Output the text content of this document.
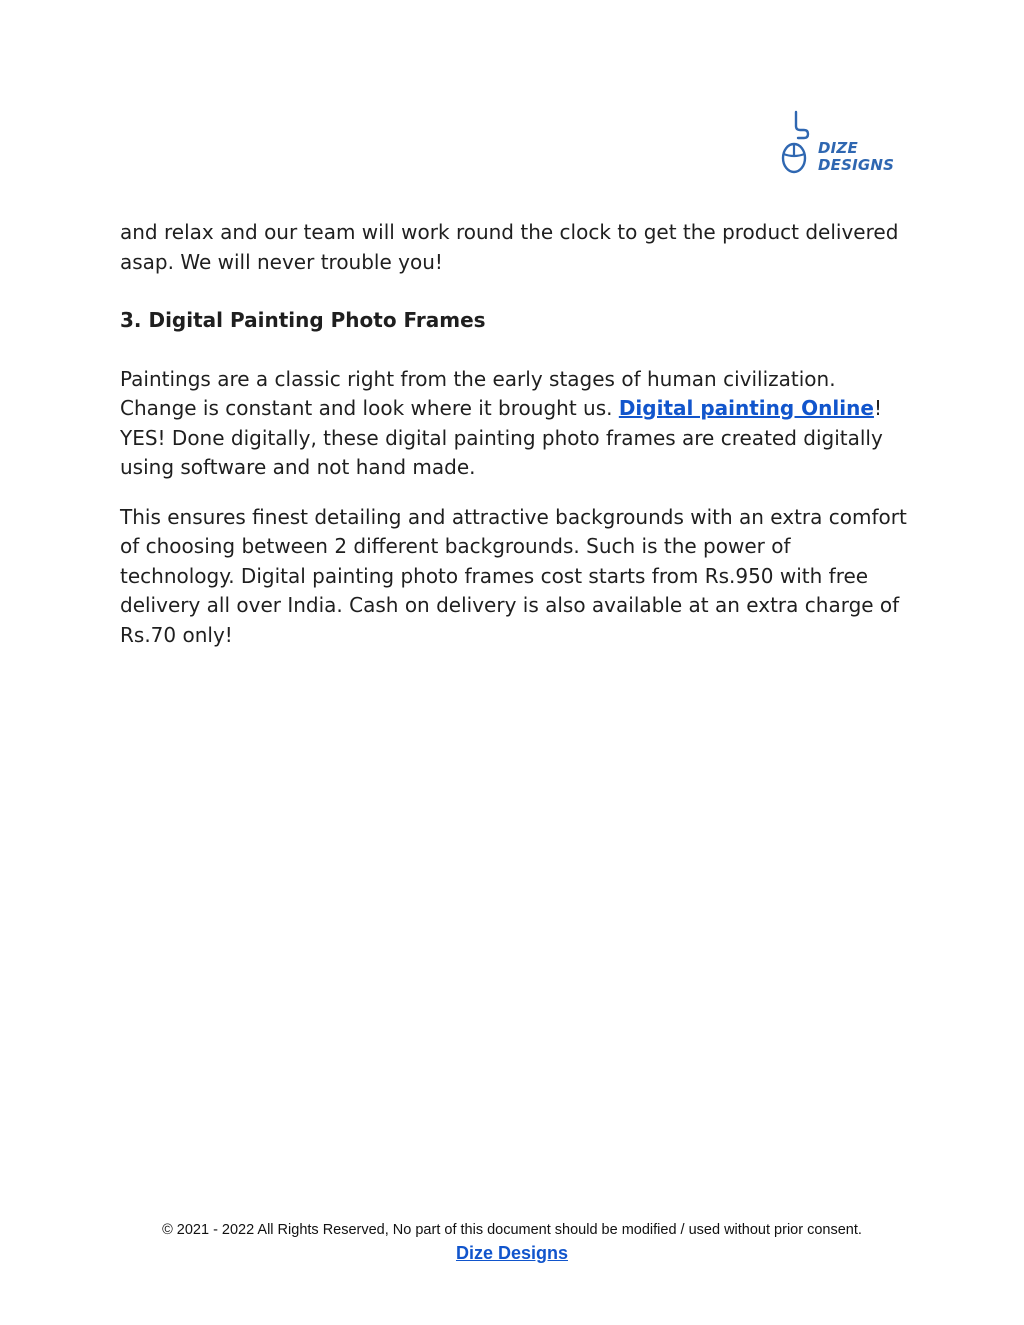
DIZE
DESIGNS

and relax and our team will work round the clock to get the product delivered asap. We will never trouble you!

3. Digital Painting Photo Frames

Paintings are a classic right from the early stages of human civilization. Change is constant and look where it brought us. Digital painting Online! YES! Done digitally, these digital painting photo frames are created digitally using software and not hand made.

This ensures finest detailing and attractive backgrounds with an extra comfort of choosing between 2 different backgrounds. Such is the power of technology. Digital painting photo frames cost starts from Rs.950 with free delivery all over India. Cash on delivery is also available at an extra charge of Rs.70 only!

© 2021 - 2022 All Rights Reserved, No part of this document should be modified / used without prior consent.
Dize Designs
